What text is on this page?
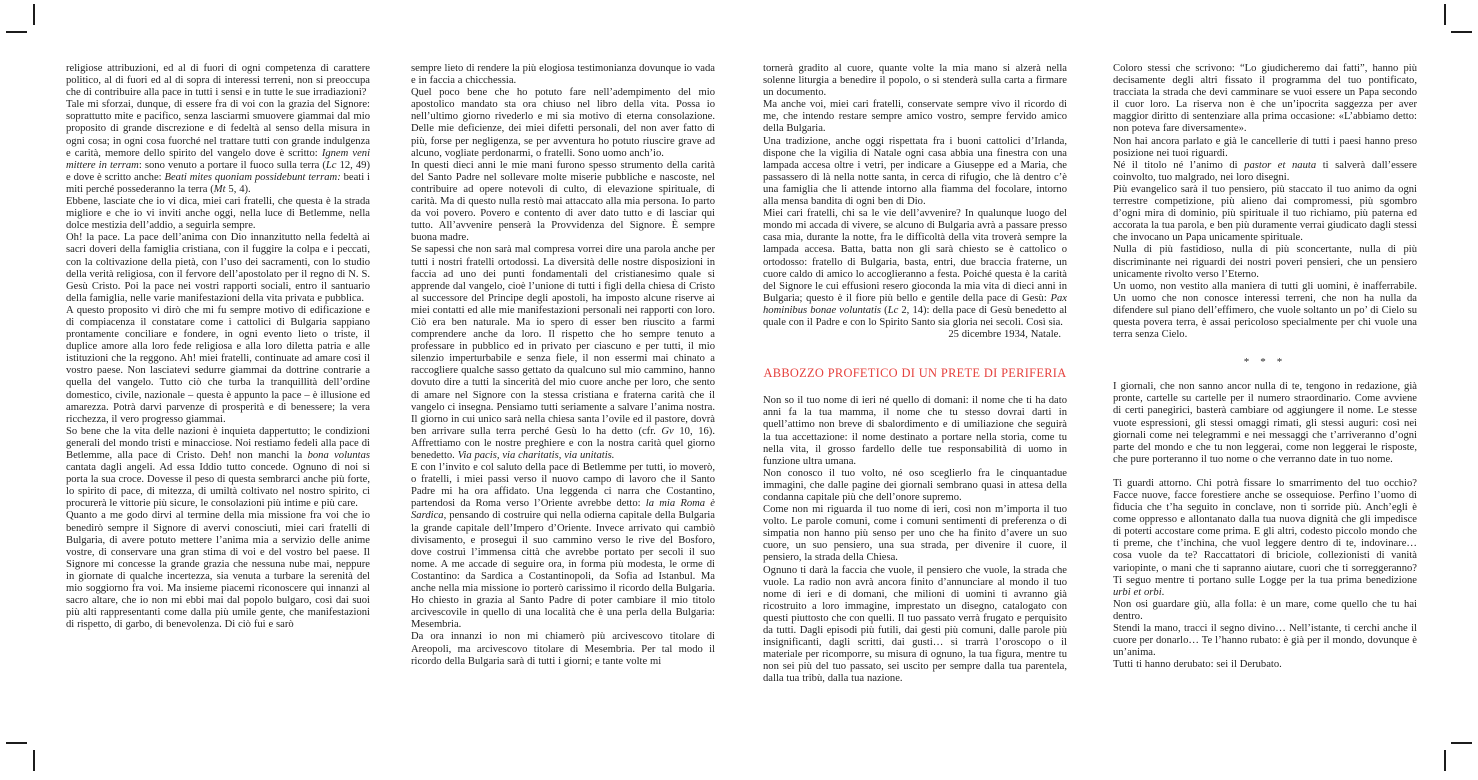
religiose attribuzioni, ed al di fuori di ogni competenza di carattere politico, al di fuori ed al di sopra di interessi terreni, non si preoccupa che di contribuire alla pace in tutti i sensi e in tutte le sue irradiazioni?
Tale mi sforzai, dunque, di essere fra di voi con la grazia del Signore: soprattutto mite e pacifico, senza lasciarmi smuovere giammai dal mio proposito di grande discrezione e di fedeltà al senso della misura in ogni cosa; in ogni cosa fuorché nel trattare tutti con grande indulgenza e carità, memore dello spirito del vangelo dove è scritto: Ignem veni mittere in terram: sono venuto a portare il fuoco sulla terra (Lc 12, 49) e dove è scritto anche: Beati mites quoniam possidebunt terram: beati i miti perché possederanno la terra (Mt 5, 4).
Ebbene, lasciate che io vi dica, miei cari fratelli, che questa è la strada migliore e che io vi inviti anche oggi, nella luce di Betlemme, nella dolce mestizia dell’addio, a seguirla sempre.
Oh! la pace. La pace dell’anima con Dio innanzitutto nella fedeltà ai sacri doveri della famiglia cristiana, con il fuggire la colpa e i peccati, con la coltivazione della pietà, con l’uso dei sacramenti, con lo studio della verità religiosa, con il fervore dell’apostolato per il regno di N. S. Gesù Cristo. Poi la pace nei vostri rapporti sociali, entro il santuario della famiglia, nelle varie manifestazioni della vita privata e pubblica.
A questo proposito vi dirò che mi fu sempre motivo di edificazione e di compiacenza il constatare come i cattolici di Bulgaria sappiano prontamente conciliare e fondere, in ogni evento lieto o triste, il duplice amore alla loro fede religiosa e alla loro diletta patria e alle istituzioni che la reggono. Ah! miei fratelli, continuate ad amare così il vostro paese. Non lasciatevi sedurre giammai da dottrine contrarie a quella del vangelo. Tutto ciò che turba la tranquillità dell’ordine domestico, civile, nazionale – questa è appunto la pace – è illusione ed amarezza. Potrà darvi parvenze di prosperità e di benessere; la vera ricchezza, il vero progresso giammai.
So bene che la vita delle nazioni è inquieta dappertutto; le condizioni generali del mondo tristi e minacciose. Noi restiamo fedeli alla pace di Betlemme, alla pace di Cristo. Deh! non manchi la bona voluntas cantata dagli angeli. Ad essa Iddio tutto concede. Ognuno di noi si porta la sua croce. Dovesse il peso di questa sembrarci anche più forte, lo spirito di pace, di mitezza, di umiltà coltivato nel nostro spirito, ci procurerà le vittorie più sicure, le consolazioni più intime e più care.
Quanto a me godo dirvi al termine della mia missione fra voi che io benedirò sempre il Signore di avervi conosciuti, miei cari fratelli di Bulgaria, di avere potuto mettere l’anima mia a servizio delle anime vostre, di conservare una gran stima di voi e del vostro bel paese. Il Signore mi concesse la grande grazia che nessuna nube mai, neppure in giornate di qualche incertezza, sia venuta a turbare la serenità del mio soggiorno fra voi. Ma insieme piacemi riconoscere qui innanzi al sacro altare, che io non mi ebbi mai dal popolo bulgaro, così dai suoi più alti rappresentanti come dalla più umile gente, che manifestazioni di rispetto, di garbo, di benevolenza. Di ciò fui e sarò
sempre lieto di rendere la più elogiosa testimonianza dovunque io vada e in faccia a chicchessia.
Quel poco bene che ho potuto fare nell’adempimento del mio apostolico mandato sta ora chiuso nel libro della vita. Possa io nell’ultimo giorno rivederlo e mi sia motivo di eterna consolazione. Delle mie deficienze, dei miei difetti personali, del non aver fatto di più, forse per negligenza, se per avventura ho potuto riuscire grave ad alcuno, vogliate perdonarmi, o fratelli. Sono uomo anch’io.
In questi dieci anni le mie mani furono spesso strumento della carità del Santo Padre nel sollevare molte miserie pubbliche e nascoste, nel contribuire ad opere notevoli di culto, di elevazione spirituale, di carità. Ma di questo nulla restò mai attaccato alla mia persona. Io parto da voi povero. Povero e contento di aver dato tutto e di lasciar qui tutto. All’avvenire penserà la Provvidenza del Signore. È sempre buona madre.
Se sapessi che non sarà mal compresa vorrei dire una parola anche per tutti i nostri fratelli ortodossi. La diversità delle nostre disposizioni in faccia ad uno dei punti fondamentali del cristianesimo quale si apprende dal vangelo, cioè l’unione di tutti i figli della chiesa di Cristo al successore del Principe degli apostoli, ha imposto alcune riserve ai miei contatti ed alle mie manifestazioni personali nei rapporti con loro. Ciò era ben naturale. Ma io spero di esser ben riuscito a farmi comprendere anche da loro. Il rispetto che ho sempre tenuto a professare in pubblico ed in privato per ciascuno e per tutti, il mio silenzio imperturbabile e senza fiele, il non essermi mai chinato a raccogliere qualche sasso gettato da qualcuno sul mio cammino, hanno dovuto dire a tutti la sincerità del mio cuore anche per loro, che sento di amare nel Signore con la stessa cristiana e fraterna carità che il vangelo ci insegna. Pensiamo tutti seriamente a salvare l’anima nostra. Il giorno in cui unico sarà nella chiesa santa l’ovile ed il pastore, dovrà ben arrivare sulla terra perché Gesù lo ha detto (cfr. Gv 10, 16). Affrettiamo con le nostre preghiere e con la nostra carità quel giorno benedetto. Via pacis, via charitatis, via unitatis.
E con l’invito e col saluto della pace di Betlemme per tutti, io moverò, o fratelli, i miei passi verso il nuovo campo di lavoro che il Santo Padre mi ha ora affidato. Una leggenda ci narra che Costantino, partendosi da Roma verso l’Oriente avrebbe detto: la mia Roma è Sardica, pensando di costruire qui nella odierna capitale della Bulgaria la grande capitale dell’Impero d’Oriente. Invece arrivato qui cambiò divisamento, e proseguì il suo cammino verso le rive del Bosforo, dove costruì l’immensa città che avrebbe portato per secoli il suo nome. A me accade di seguire ora, in forma più modesta, le orme di Costantino: da Sardica a Costantinopoli, da Sofia ad Istanbul. Ma anche nella mia missione io porterò carissimo il ricordo della Bulgaria. Ho chiesto in grazia al Santo Padre di poter cambiare il mio titolo arcivescovile in quello di una località che è una perla della Bulgaria: Mesembria.
Da ora innanzi io non mi chiamerò più arcivescovo titolare di Areopoli, ma arcivescovo titolare di Mesembria. Per tal modo il ricordo della Bulgaria sarà di tutti i giorni; e tante volte mi
tornerà gradito al cuore, quante volte la mia mano si alzerà nella solenne liturgia a benedire il popolo, o si stenderà sulla carta a firmare un documento.
Ma anche voi, miei cari fratelli, conservate sempre vivo il ricordo di me, che intendo restare sempre amico vostro, sempre fervido amico della Bulgaria.
Una tradizione, anche oggi rispettata fra i buoni cattolici d’Irlanda, dispone che la vigilia di Natale ogni casa abbia una finestra con una lampada accesa oltre i vetri, per indicare a Giuseppe ed a Maria, che passassero di là nella notte santa, in cerca di rifugio, che là dentro c’è una famiglia che li attende intorno alla fiamma del focolare, intorno alla mensa bandita di ogni ben di Dio.
Miei cari fratelli, chi sa le vie dell’avvenire? In qualunque luogo del mondo mi accada di vivere, se alcuno di Bulgaria avrà a passare presso casa mia, durante la notte, fra le difficoltà della vita troverà sempre la lampada accesa. Batta, batta non gli sarà chiesto se è cattolico o ortodosso: fratello di Bulgaria, basta, entri, due braccia fraterne, un cuore caldo di amico lo accoglieranno a festa. Poiché questa è la carità del Signore le cui effusioni resero gioconda la mia vita di dieci anni in Bulgaria; questo è il fiore più bello e gentile della pace di Gesù: Pax hominibus bonae voluntatis (Lc 2, 14): della pace di Gesù benedetto al quale con il Padre e con lo Spirito Santo sia gloria nei secoli. Così sia.
25 dicembre 1934, Natale.
ABBOZZO PROFETICO DI UN PRETE DI PERIFERIA
Non so il tuo nome di ieri né quello di domani: il nome che ti ha dato anni fa la tua mamma, il nome che tu stesso dovrai darti in quell’attimo non breve di sbalordimento e di umiliazione che seguirà la tua accettazione: il nome destinato a portare nella storia, come tu nella vita, il grosso fardello delle tue responsabilità di uomo in funzione ultra umana.
Non conosco il tuo volto, né oso sceglierlo fra le cinquantadue immagini, che dalle pagine dei giornali sembrano quasi in attesa della condanna capitale più che dell’onore supremo.
Come non mi riguarda il tuo nome di ieri, così non m’importa il tuo volto. Le parole comuni, come i comuni sentimenti di preferenza o di simpatia non hanno più senso per uno che ha finito d’avere un suo cuore, un suo pensiero, una sua strada, per divenire il cuore, il pensiero, la strada della Chiesa.
Ognuno ti darà la faccia che vuole, il pensiero che vuole, la strada che vuole. La radio non avrà ancora finito d’annunciare al mondo il tuo nome di ieri e di domani, che milioni di uomini ti avranno già ricostruito a loro immagine, imprestato un disegno, catalogato con questi piuttosto che con quelli. Il tuo passato verrà frugato e perquisito da tutti. Dagli episodi più futili, dai gesti più comuni, dalle parole più insignificanti, dagli scritti, dai gusti… si trarrà l’oroscopo o il materiale per ricomporre, su misura di ognuno, la tua figura, mentre tu non sei più del tuo passato, sei uscito per sempre dalla tua parentela, dalla tua tribù, dalla tua nazione.
Coloro stessi che scrivono: “Lo giudicheremo dai fatti”, hanno più decisamente degli altri fissato il programma del tuo pontificato, tracciata la strada che devi camminare se vuoi essere un Papa secondo il cuor loro. La riserva non è che un’ipocrita saggezza per aver maggior diritto di sentenziare alla prima occasione: «L’abbiamo detto: non poteva fare diversamente».
Non hai ancora parlato e già le cancellerie di tutti i paesi hanno preso posizione nei tuoi riguardi.
Né il titolo né l’animo di pastor et nauta ti salverà dall’essere coinvolto, tuo malgrado, nei loro disegni.
Più evangelico sarà il tuo pensiero, più staccato il tuo animo da ogni terrestre competizione, più alieno dai compromessi, più sgombro d’ogni mira di dominio, più spirituale il tuo richiamo, più paterna ed accorata la tua parola, e ben più duramente verrai giudicato dagli stessi che invocano un Papa unicamente spirituale.
Nulla di più fastidioso, nulla di più sconcertante, nulla di più discriminante nei riguardi dei nostri poveri pensieri, che un pensiero unicamente rivolto verso l’Eterno.
Un uomo, non vestito alla maniera di tutti gli uomini, è inafferrabile. Un uomo che non conosce interessi terreni, che non ha nulla da difendere sul piano dell’effimero, che vuole soltanto un po’ di Cielo su questa povera terra, è assai pericoloso specialmente per chi vuole una terra senza Cielo.
* * *
I giornali, che non sanno ancor nulla di te, tengono in redazione, già pronte, cartelle su cartelle per il numero straordinario. Come avviene di certi panegirici, basterà cambiare od aggiungere il nome. Le stesse vuote espressioni, gli stessi omaggi rimati, gli stessi auguri: così nei giornali come nei telegrammi e nei messaggi che t’arriveranno d’ogni parte del mondo e che tu non leggerai, come non leggerai le risposte, che pure porteranno il tuo nome o che verranno date in tuo nome.
Ti guardi attorno. Chi potrà fissare lo smarrimento del tuo occhio? Facce nuove, facce forestiere anche se ossequiose. Perfino l’uomo di fiducia che t’ha seguito in conclave, non ti sorride più. Anch’egli è come oppresso e allontanato dalla tua nuova dignità che gli impedisce di poterti accostare come prima. E gli altri, codesto piccolo mondo che ti preme, che t’inchina, che vuol leggere dentro di te, indovinare… cosa vuole da te? Raccattatori di briciole, collezionisti di vanità variopinte, o mani che ti sapranno aiutare, cuori che ti sorreggeranno? Ti seguo mentre ti portano sulle Logge per la tua prima benedizione urbi et orbi.
Non osi guardare giù, alla folla: è un mare, come quello che tu hai dentro.
Stendi la mano, tracci il segno divino… Nell’istante, ti cerchi anche il cuore per donarlo… Te l’hanno rubato: è già per il mondo, dovunque è un’anima.
Tutti ti hanno derubato: sei il Derubato.
